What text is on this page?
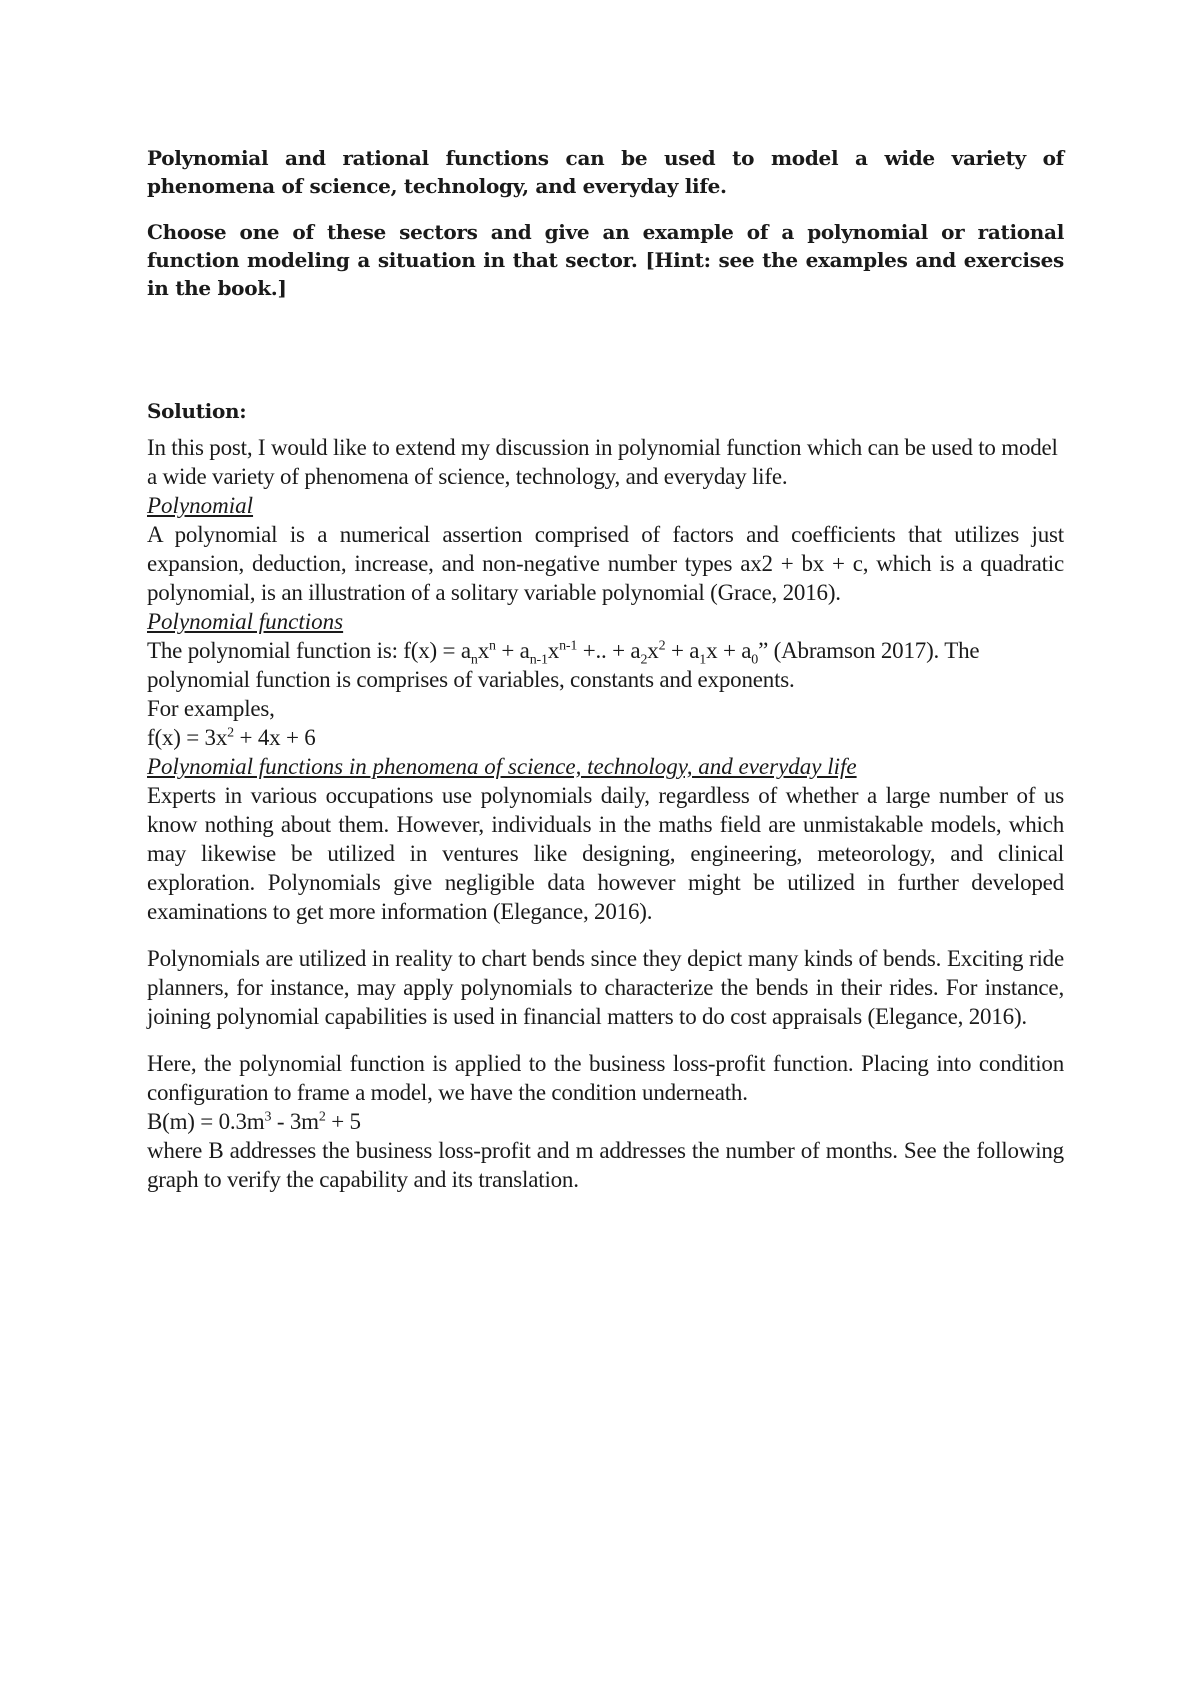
Polynomial and rational functions can be used to model a wide variety of phenomena of science, technology, and everyday life.

Choose one of these sectors and give an example of a polynomial or rational function modeling a situation in that sector. [Hint: see the examples and exercises in the book.]

Solution:

In this post, I would like to extend my discussion in polynomial function which can be used to model a wide variety of phenomena of science, technology, and everyday life.

Polynomial

A polynomial is a numerical assertion comprised of factors and coefficients that utilizes just expansion, deduction, increase, and non-negative number types ax2 + bx + c, which is a quadratic polynomial, is an illustration of a solitary variable polynomial (Grace, 2016).

Polynomial functions

The polynomial function is: $f(x) = a_nx^n + a_{n-1}x^{n-1}$ +.. + $a_2x^2 + a_1x + a_0$” (Abramson 2017). The

polynomial function is comprises of variables, constants and exponents.

For examples,

$f(x) = 3x^2 + 4x + 6$

Polynomial functions in phenomena of science, technology, and everyday life

Experts in various occupations use polynomials daily, regardless of whether a large number of us know nothing about them. However, individuals in the maths field are unmistakable models, which may likewise be utilized in ventures like designing, engineering, meteorology, and clinical exploration. Polynomials give negligible data however might be utilized in further developed examinations to get more information (Elegance, 2016).

Polynomials are utilized in reality to chart bends since they depict many kinds of bends. Exciting ride planners, for instance, may apply polynomials to characterize the bends in their rides. For instance, joining polynomial capabilities is used in financial matters to do cost appraisals (Elegance, 2016).

Here, the polynomial function is applied to the business loss-profit function. Placing into condition configuration to frame a model, we have the condition underneath.

$B(m) = 0.3m^3 - 3m^2 + 5$

where B addresses the business loss-profit and m addresses the number of months. See the following graph to verify the capability and its translation.
